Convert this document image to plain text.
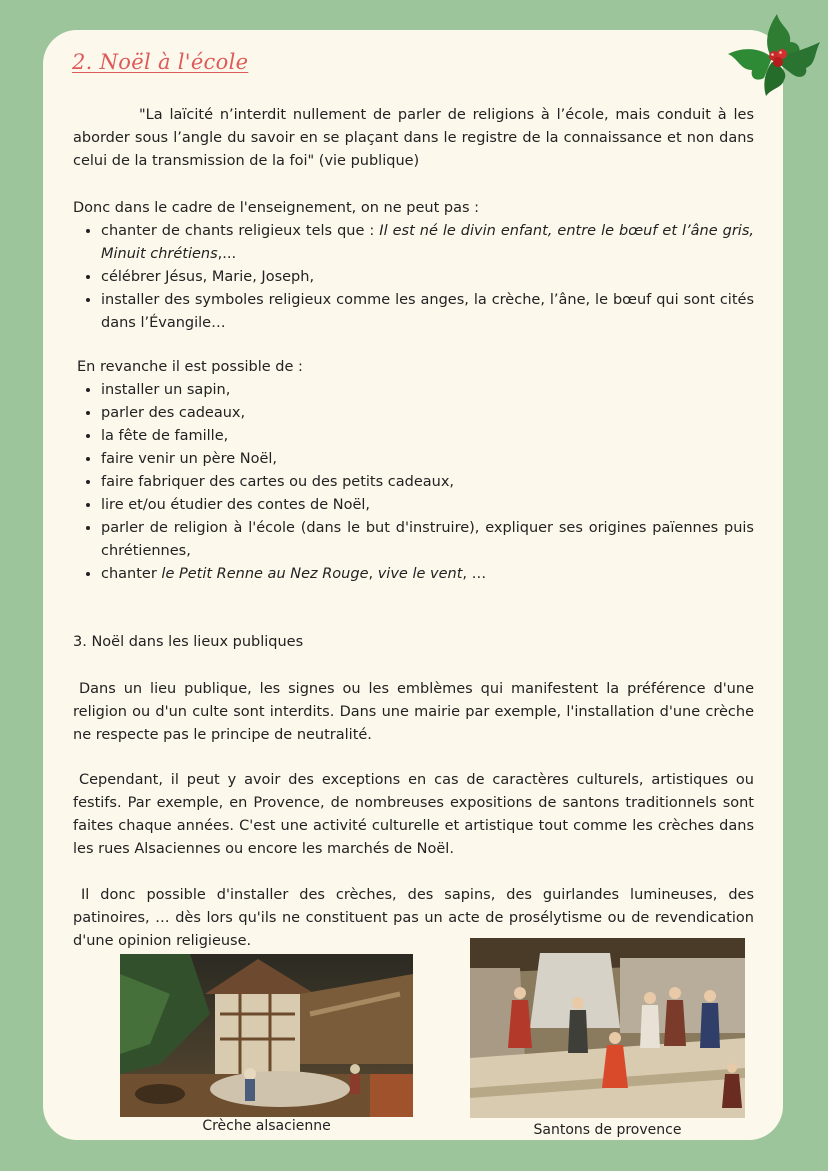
2. Noël à l'école

"La laïcité n’interdit nullement de parler de religions à l’école, mais conduit à les aborder sous l’angle du savoir en se plaçant dans le registre de la connaissance et non dans celui de la transmission de la foi" (vie publique)

Donc dans le cadre de l'enseignement, on ne peut pas :

• chanter de chants religieux tels que : Il est né le divin enfant, entre le bœuf et l’âne gris, Minuit chrétiens,...
• célébrer Jésus, Marie, Joseph,
• installer des symboles religieux comme les anges, la crèche, l’âne, le bœuf qui sont cités dans l’Évangile…

En revanche il est possible de :

• installer un sapin,
• parler des cadeaux,
• la fête de famille,
• faire venir un père Noël,
• faire fabriquer des cartes ou des petits cadeaux,
• lire et/ou étudier des contes de Noël,
• parler de religion à l'école (dans le but d'instruire), expliquer ses origines païennes puis chrétiennes,
• chanter le Petit Renne au Nez Rouge, vive le vent, …

3. Noël dans les lieux publiques

Dans un lieu publique, les signes ou les emblèmes qui manifestent la préférence d'une religion ou d'un culte sont interdits. Dans une mairie par exemple, l'installation d'une crèche ne respecte pas le principe de neutralité.

Cependant, il peut y avoir des exceptions en cas de caractères culturels, artistiques ou festifs. Par exemple, en Provence, de nombreuses expositions de santons traditionnels sont faites chaque années. C'est une activité culturelle et artistique tout comme les crèches dans les rues Alsaciennes ou encore les marchés de Noël.

Il donc possible d'installer des crèches, des sapins, des guirlandes lumineuses, des patinoires, … dès lors qu'ils ne constituent pas un acte de prosélytisme ou de revendication d'une opinion religieuse.

Crèche alsacienne	Santons de provence
